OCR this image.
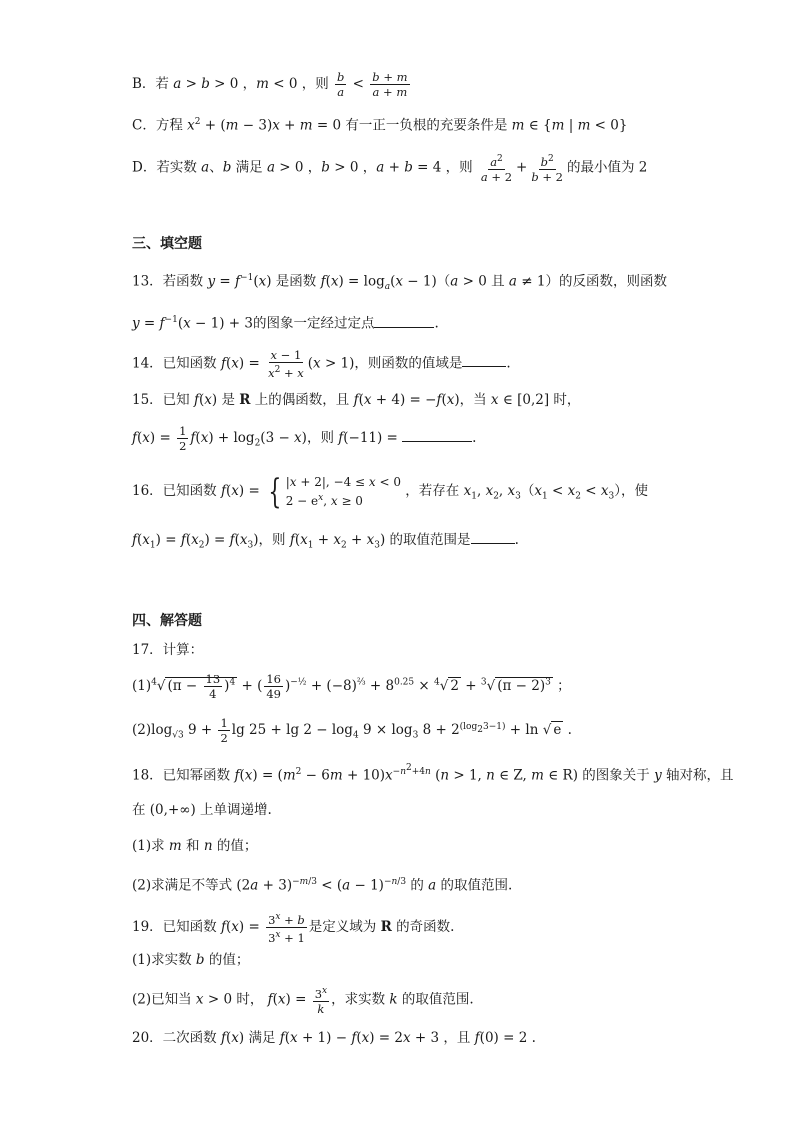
B．若 a > b > 0 ，m < 0 ，则 $\frac{b}{a} < \frac{b + m}{a + m}$
C．方程 $x^2 + (m - 3)x + m = 0$ 有一正一负根的充要条件是 m ∈ {m | m < 0}
D．若实数 a、b 满足 a > 0 ，b > 0 ，a + b = 4 ，则 $\frac{a^2}{a + 2} + \frac{b^2}{b + 2}$ 的最小值为 2
三、填空题
13．若函数 $y = f^{-1}(x)$ 是函数 $f(x) = \log_a(x - 1)(a > 0$ 且 a ≠ 1）的反函数，则函数
$y = f^{-1}(x - 1) + 3$的图象一定经过定点	.
14．已知函数 $f(x) = \frac{x - 1}{x^2 + x} (x > 1)$，则函数的值域是	.
15．已知 f(x) 是 R 上的偶函数，且 f(x + 4) = −f(x)，当 x ∈ [0,2] 时，
$f(x) = \frac{1}{2} f(x) + \log_2(3 - x)$，则 f(−11) =	.
16．已知函数 f(x) = { |x + 2|, −4 ≤ x < 0
$2 - e^x$, x ≥ 0
，若存在 $x_1$, $x_2$, $x_3(x_1 < x_2 < x_3)$，使
$f(x_1) = f(x_2) = f(x_3)$，则 $f(x_1 + x_2 + x_3)$ 的取值范围是	.
四、解答题
17．计算：
$(1)^4√$ $(\pi - \frac{13}{4} )^4$ + ( $\frac{16}{49} )^{-\frac{1}{2}} + (-8)^{\frac{2}{3}} + 8^{0.25} \times ^4√$ 2 + $^3$√ $(\pi - 2)^3$ ；
$(2)\log_{√3}$ $9 + \frac{1}{2}$ $\lg 25 + \lg 2 - \log_4 9 \times \log_3 8 + 2^{(log_23-1)} + \ln$ √ e .
18．已知幂函数 $f(x) = (m^2 - 6m + 10)x^{-n^2+4n}$ (n > 1, n ∈ Z, m ∈ R) 的图象关于 y 轴对称，且
在 (0,+∞) 上单调递增.
(1)求 m 和 n 的值；
(2)求满足不等式 $(2a + 3)^{-m/3} < (a - 1)^{-n/3}$ 的 a 的取值范围.
19．已知函数 $f(x) = \frac{3^x + b}{3^x + 1}$ 是定义域为 R 的奇函数.
(1)求实数 b 的值；
(2)已知当 x > 0 时， $f(x) = \frac{3^x}{k}$ ，求实数 k 的取值范围.
20．二次函数 f(x) 满足 f(x + 1) − f(x) = 2x + 3 ，且 f(0) = 2 .
